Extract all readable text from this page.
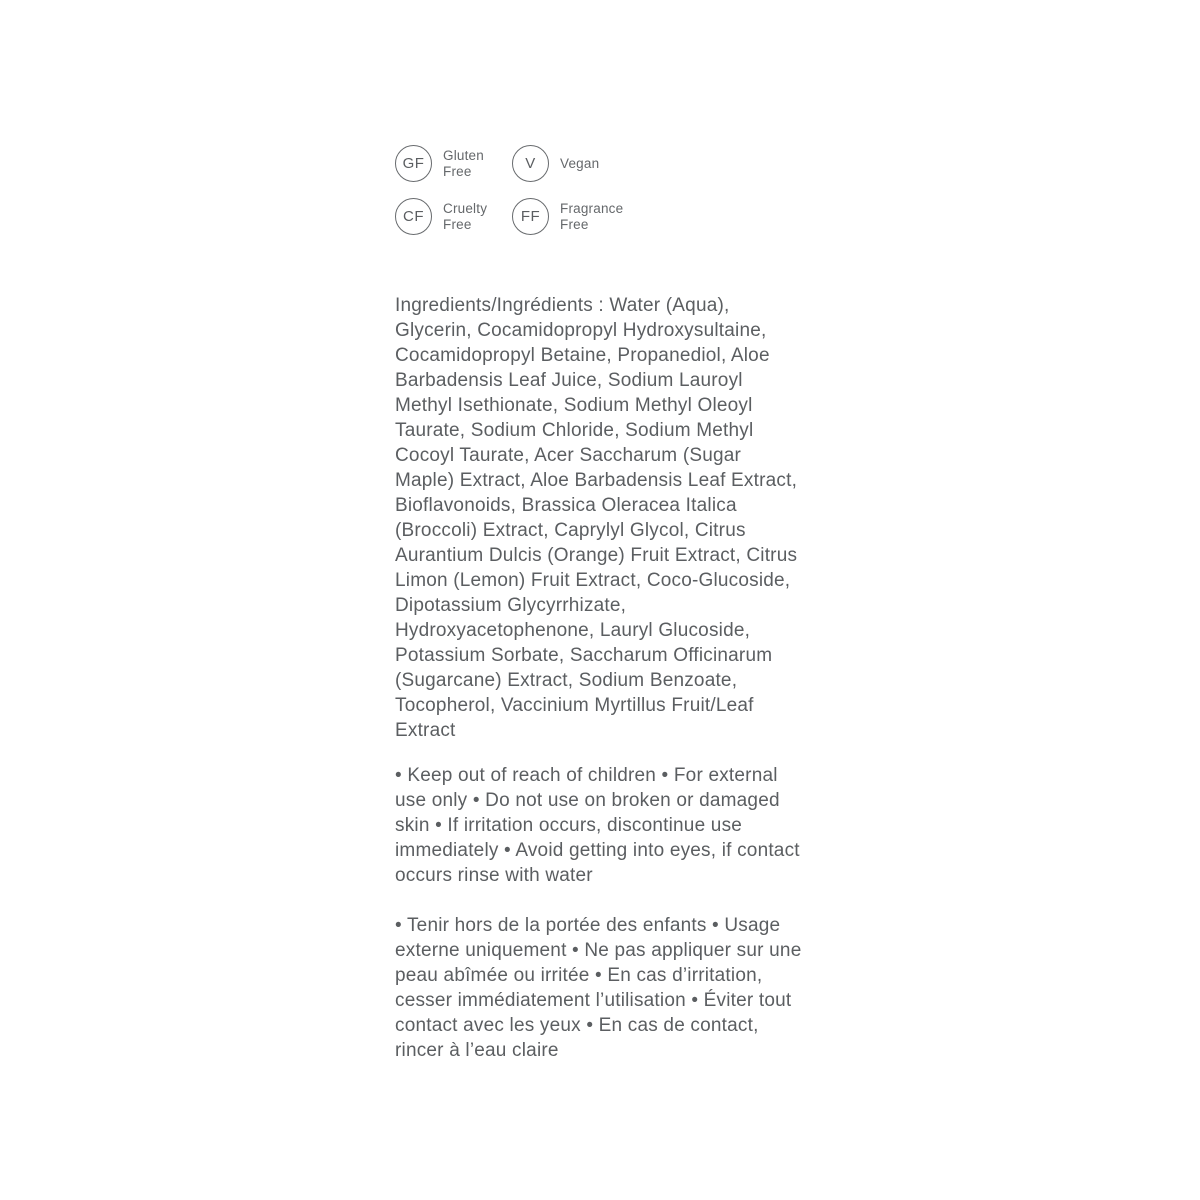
GF Gluten
Free	V Vegan
CF Cruelty
Free	FF Fragrance
Free

Ingredients/Ingrédients : Water (Aqua), Glycerin, Cocamidopropyl Hydroxysultaine, Cocamidopropyl Betaine, Propanediol, Aloe Barbadensis Leaf Juice, Sodium Lauroyl Methyl Isethionate, Sodium Methyl Oleoyl Taurate, Sodium Chloride, Sodium Methyl Cocoyl Taurate, Acer Saccharum (Sugar Maple) Extract, Aloe Barbadensis Leaf Extract, Bioflavonoids, Brassica Oleracea Italica (Broccoli) Extract, Caprylyl Glycol, Citrus Aurantium Dulcis (Orange) Fruit Extract, Citrus Limon (Lemon) Fruit Extract, Coco-Glucoside, Dipotassium Glycyrrhizate, Hydroxyacetophenone, Lauryl Glucoside, Potassium Sorbate, Saccharum Officinarum (Sugarcane) Extract, Sodium Benzoate, Tocopherol, Vaccinium Myrtillus Fruit/Leaf Extract

• Keep out of reach of children • For external use only • Do not use on broken or damaged skin • If irritation occurs, discontinue use immediately • Avoid getting into eyes, if contact occurs rinse with water

• Tenir hors de la portée des enfants • Usage externe uniquement • Ne pas appliquer sur une peau abîmée ou irritée • En cas d’irritation, cesser immédiatement l’utilisation • Éviter tout contact avec les yeux • En cas de contact, rincer à l’eau claire
